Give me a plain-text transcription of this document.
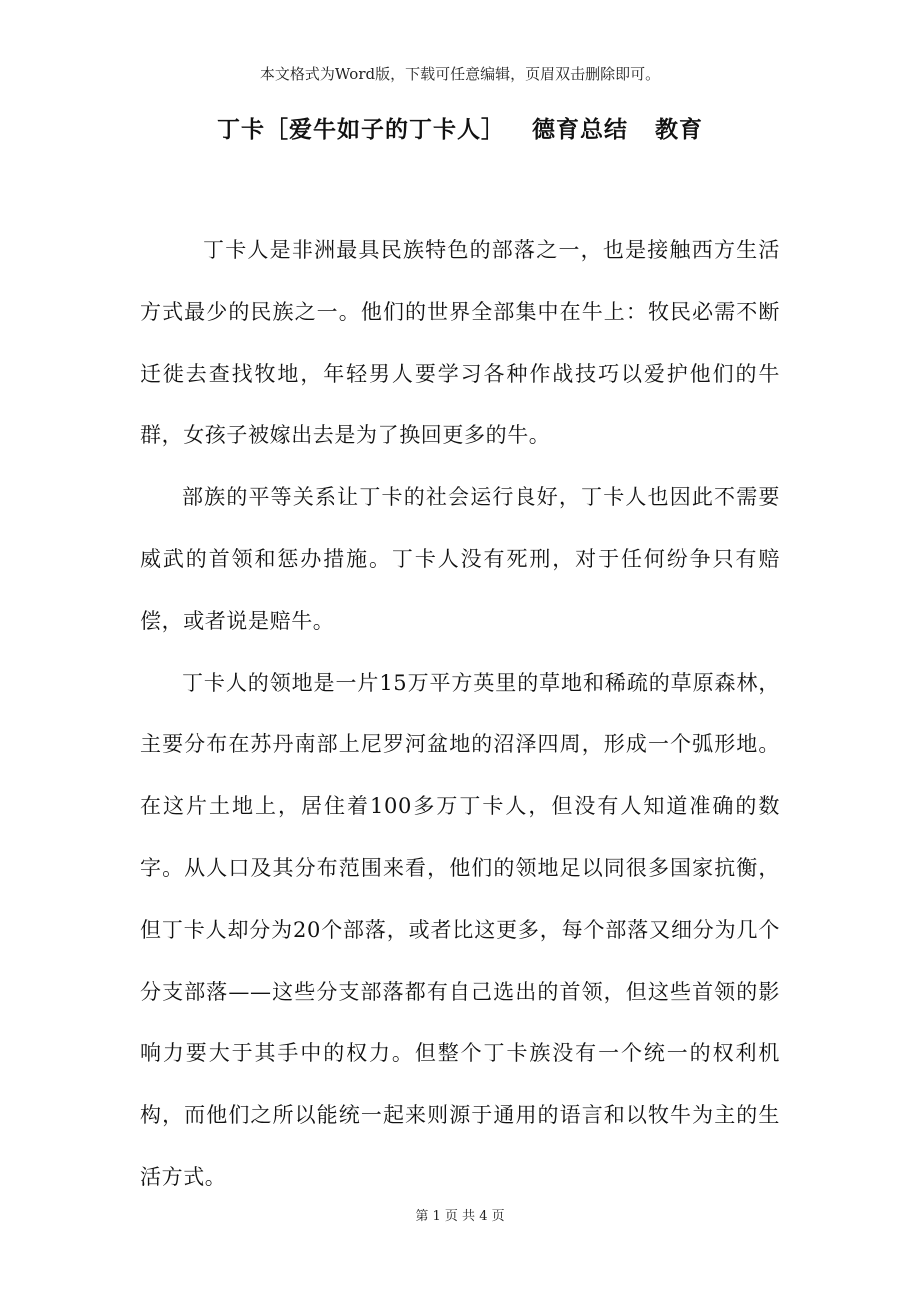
本文格式为Word版，下载可任意编辑，页眉双击删除即可。
丁卡［爱牛如子的丁卡人］   德育总结   教育

丁卡人是非洲最具民族特色的部落之一，也是接触西方生活方式最少的民族之一。他们的世界全部集中在牛上：牧民必需不断迁徙去查找牧地，年轻男人要学习各种作战技巧以爱护他们的牛群，女孩子被嫁出去是为了换回更多的牛。

部族的平等关系让丁卡的社会运行良好，丁卡人也因此不需要威武的首领和惩办措施。丁卡人没有死刑，对于任何纷争只有赔偿，或者说是赔牛。

丁卡人的领地是一片15万平方英里的草地和稀疏的草原森林，主要分布在苏丹南部上尼罗河盆地的沼泽四周，形成一个弧形地。在这片土地上，居住着100多万丁卡人，但没有人知道准确的数字。从人口及其分布范围来看，他们的领地足以同很多国家抗衡，但丁卡人却分为20个部落，或者比这更多，每个部落又细分为几个分支部落——这些分支部落都有自己选出的首领，但这些首领的影响力要大于其手中的权力。但整个丁卡族没有一个统一的权利机构，而他们之所以能统一起来则源于通用的语言和以牧牛为主的生活方式。

第 1 页 共 4 页
